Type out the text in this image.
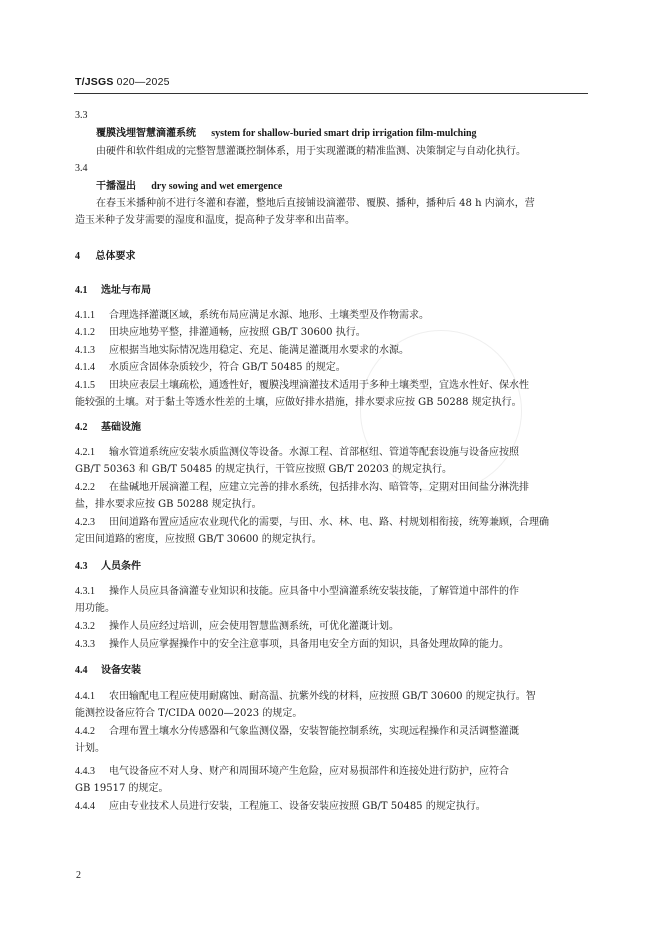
T/JSGS 020—2025
3.3
覆膜浅埋智慧滴灌系统 system for shallow-buried smart drip irrigation film-mulching
由硬件和软件组成的完整智慧灌溉控制体系，用于实现灌溉的精准监测、决策制定与自动化执行。
3.4
干播湿出 dry sowing and wet emergence
在春玉米播种前不进行冬灌和春灌，整地后直接铺设滴灌带、覆膜、播种，播种后 48 h 内滴水，营
造玉米种子发芽需要的湿度和温度，提高种子发芽率和出苗率。
4 总体要求
4.1 选址与布局
4.1.1 合理选择灌溉区域，系统布局应满足水源、地形、土壤类型及作物需求。
4.1.2 田块应地势平整，排灌通畅，应按照 GB/T 30600 执行。
4.1.3 应根据当地实际情况选用稳定、充足、能满足灌溉用水要求的水源。
4.1.4 水质应含固体杂质较少，符合 GB/T 50485 的规定。
4.1.5 田块应表层土壤疏松，通透性好，覆膜浅埋滴灌技术适用于多种土壤类型，宜选水性好、保水性
能较强的土壤。对于黏土等透水性差的土壤，应做好排水措施，排水要求应按 GB 50288 规定执行。
4.2 基础设施
4.2.1 输水管道系统应安装水质监测仪等设备。水源工程、首部枢纽、管道等配套设施与设备应按照
GB/T 50363 和 GB/T 50485 的规定执行，干管应按照 GB/T 20203 的规定执行。
4.2.2 在盐碱地开展滴灌工程，应建立完善的排水系统，包括排水沟、暗管等，定期对田间盐分淋洗排
盐，排水要求应按 GB 50288 规定执行。
4.2.3 田间道路布置应适应农业现代化的需要，与田、水、林、电、路、村规划相衔接，统筹兼顾，合理确
定田间道路的密度，应按照 GB/T 30600 的规定执行。
4.3 人员条件
4.3.1 操作人员应具备滴灌专业知识和技能。应具备中小型滴灌系统安装技能，了解管道中部件的作
用功能。
4.3.2 操作人员应经过培训，应会使用智慧监测系统，可优化灌溉计划。
4.3.3 操作人员应掌握操作中的安全注意事项，具备用电安全方面的知识，具备处理故障的能力。
4.4 设备安装
4.4.1 农田输配电工程应使用耐腐蚀、耐高温、抗紫外线的材料，应按照 GB/T 30600 的规定执行。智
能测控设备应符合 T/CIDA 0020—2023 的规定。
4.4.2 合理布置土壤水分传感器和气象监测仪器，安装智能控制系统，实现远程操作和灵活调整灌溉
计划。
4.4.3 电气设备应不对人身、财产和周围环境产生危险，应对易损部件和连接处进行防护，应符合
GB 19517 的规定。
4.4.4 应由专业技术人员进行安装，工程施工、设备安装应按照 GB/T 50485 的规定执行。
2
